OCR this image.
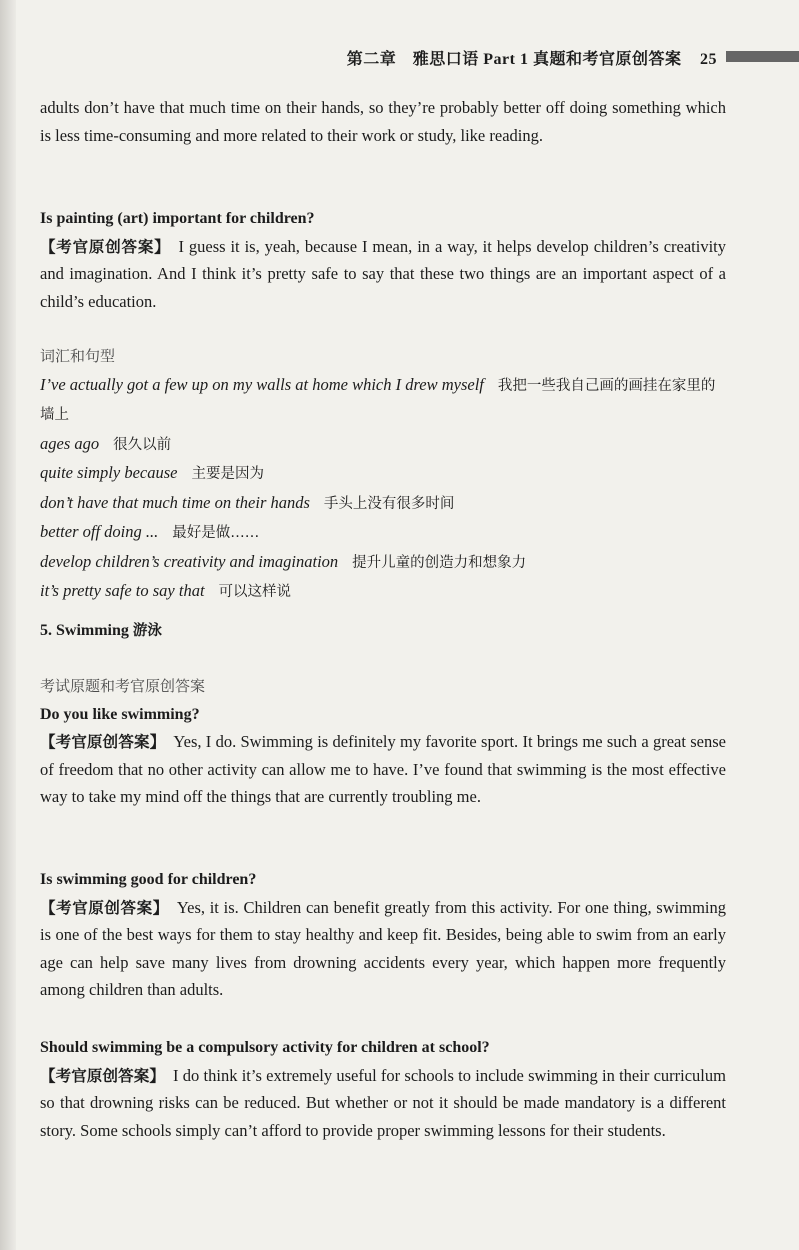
第二章 雅思口语 Part 1 真题和考官原创答案 25

adults don’t have that much time on their hands, so they’re probably better off doing something which is less time-consuming and more related to their work or study, like reading.

Is painting (art) important for children?

【考官原创答案】 I guess it is, yeah, because I mean, in a way, it helps develop children’s creativity and imagination. And I think it’s pretty safe to say that these two things are an important aspect of a child’s education.

词汇和句型
I’ve actually got a few up on my walls at home which I drew myself 我把一些我自己画的画挂在家里的墙上
ages ago 很久以前
quite simply because 主要是因为
don’t have that much time on their hands 手头上没有很多时间
better off doing ... 最好是做……
develop children’s creativity and imagination 提升儿童的创造力和想象力
it’s pretty safe to say that 可以这样说
5. Swimming 游泳
考试原题和考官原创答案
Do you like swimming?

【考官原创答案】 Yes, I do. Swimming is definitely my favorite sport. It brings me such a great sense of freedom that no other activity can allow me to have. I’ve found that swimming is the most effective way to take my mind off the things that are currently troubling me.

Is swimming good for children?

【考官原创答案】 Yes, it is. Children can benefit greatly from this activity. For one thing, swimming is one of the best ways for them to stay healthy and keep fit. Besides, being able to swim from an early age can help save many lives from drowning accidents every year, which happen more frequently among children than adults.

Should swimming be a compulsory activity for children at school?

【考官原创答案】 I do think it’s extremely useful for schools to include swimming in their curriculum so that drowning risks can be reduced. But whether or not it should be made mandatory is a different story. Some schools simply can’t afford to provide proper swimming lessons for their students.
